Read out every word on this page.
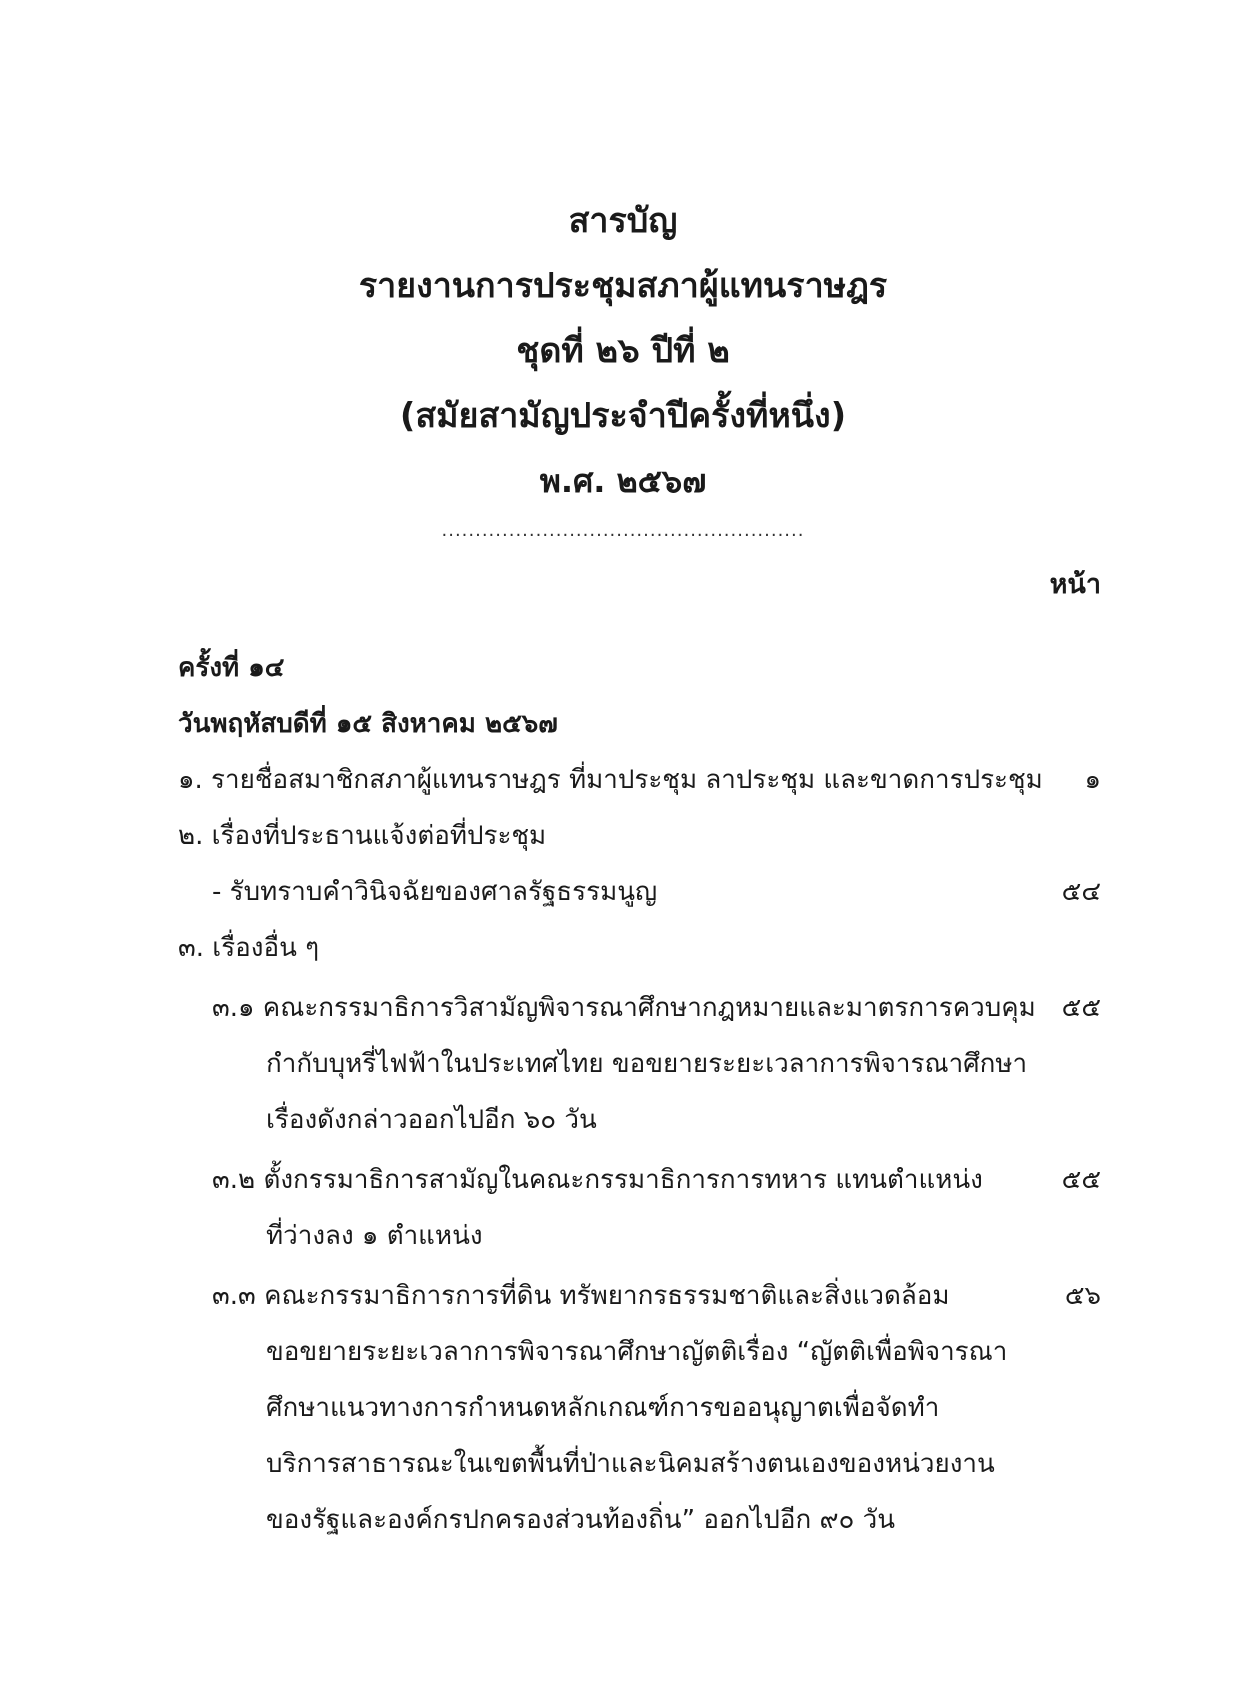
สารบัญ
รายงานการประชุมสภาผู้แทนราษฎร
ชุดที่ ๒๖ ปีที่ ๒
(สมัยสามัญประจำปีครั้งที่หนึ่ง)
พ.ศ. ๒๕๖๗
......................................................
หน้า
ครั้งที่ ๑๔
วันพฤหัสบดีที่ ๑๕ สิงหาคม ๒๕๖๗
๑. รายชื่อสมาชิกสภาผู้แทนราษฎร ที่มาประชุม ลาประชุม และขาดการประชุม ๑
๒. เรื่องที่ประธานแจ้งต่อที่ประชุม
- รับทราบคำวินิจฉัยของศาลรัฐธรรมนูญ	๕๔
๓. เรื่องอื่น ๆ
๓.๑ คณะกรรมาธิการวิสามัญพิจารณาศึกษากฎหมายและมาตรการควบคุม ๕๕
กำกับบุหรี่ไฟฟ้าในประเทศไทย ขอขยายระยะเวลาการพิจารณาศึกษา
เรื่องดังกล่าวออกไปอีก ๖๐ วัน
๓.๒ ตั้งกรรมาธิการสามัญในคณะกรรมาธิการการทหาร แทนตำแหน่ง	๕๕
ที่ว่างลง ๑ ตำแหน่ง
๓.๓ คณะกรรมาธิการการที่ดิน ทรัพยากรธรรมชาติและสิ่งแวดล้อม	๕๖
ขอขยายระยะเวลาการพิจารณาศึกษาญัตติเรื่อง “ญัตติเพื่อพิจารณา
ศึกษาแนวทางการกำหนดหลักเกณฑ์การขออนุญาตเพื่อจัดทำ
บริการสาธารณะในเขตพื้นที่ป่าและนิคมสร้างตนเองของหน่วยงาน
ของรัฐและองค์กรปกครองส่วนท้องถิ่น” ออกไปอีก ๙๐ วัน
